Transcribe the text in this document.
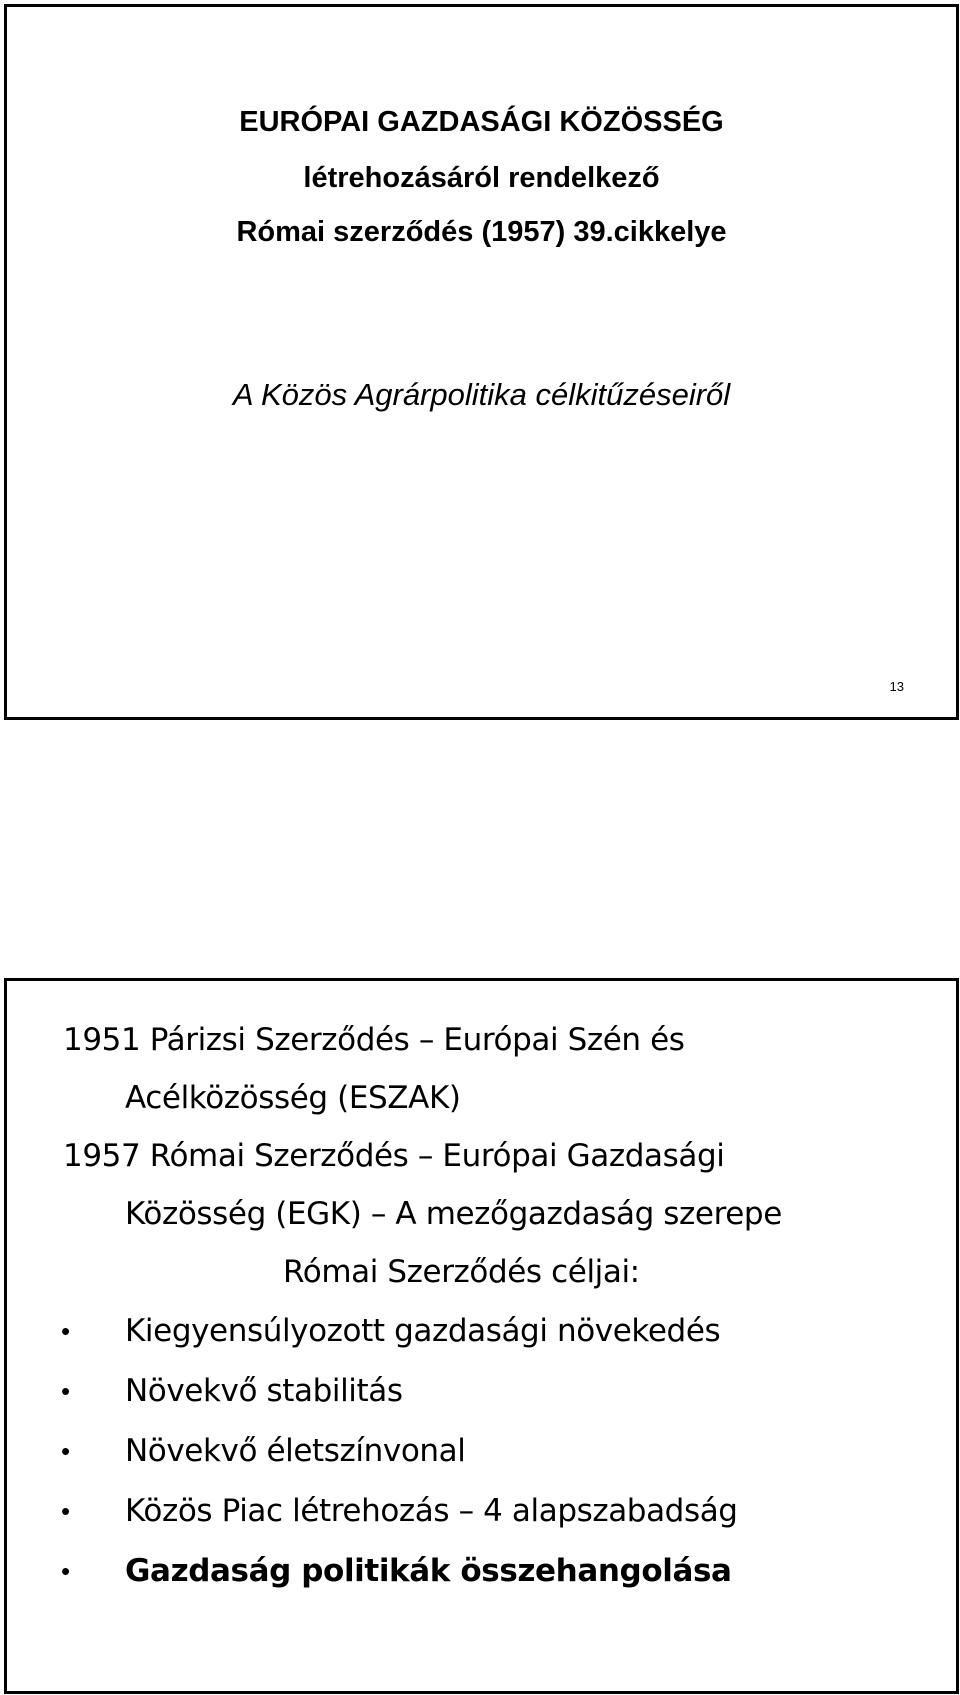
EURÓPAI GAZDASÁGI KÖZÖSSÉG
létrehozásáról rendelkező
Római szerződés (1957) 39.cikkelye
A Közös Agrárpolitika célkitűzéseiről
13
1951 Párizsi Szerződés – Európai Szén és
Acélközösség (ESZAK)
1957 Római Szerződés – Európai Gazdasági
Közösség (EGK) – A mezőgazdaság szerepe
Római Szerződés céljai:
• Kiegyensúlyozott gazdasági növekedés
• Növekvő stabilitás
• Növekvő életszínvonal
• Közös Piac létrehozás – 4 alapszabadság
• Gazdaság politikák összehangolása
